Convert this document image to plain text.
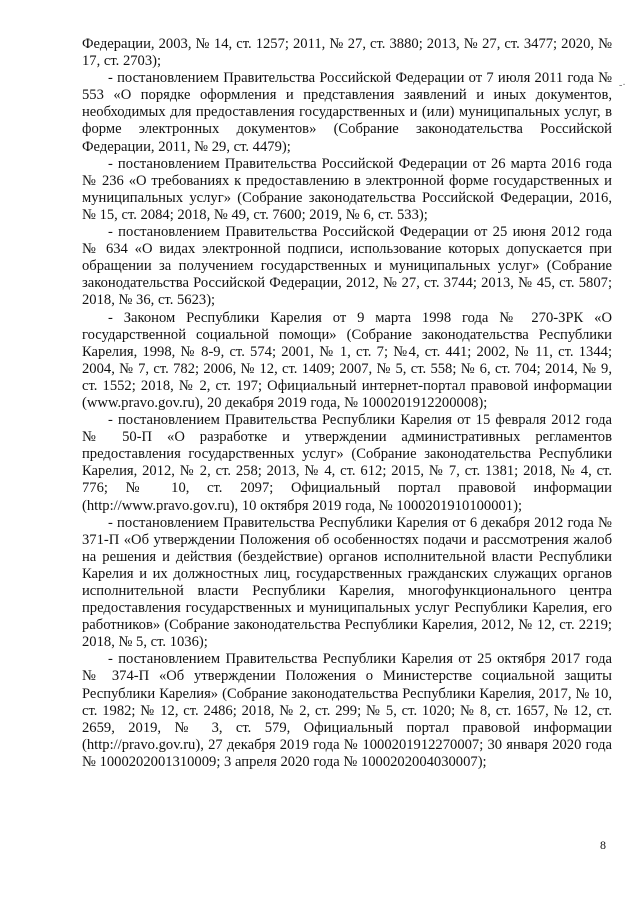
Федерации, 2003, № 14, ст. 1257; 2011, № 27, ст. 3880; 2013, № 27, ст. 3477; 2020, № 17, ст. 2703);

- постановлением Правительства Российской Федерации от 7 июля 2011 года № 553 «О порядке оформления и представления заявлений и иных документов, необходимых для предоставления государственных и (или) муниципальных услуг, в форме электронных документов» (Собрание законодательства Российской Федерации, 2011, № 29, ст. 4479);

- постановлением Правительства Российской Федерации от 26 марта 2016 года № 236 «О требованиях к предоставлению в электронной форме государственных и муниципальных услуг» (Собрание законодательства Российской Федерации, 2016, № 15, ст. 2084; 2018, № 49, ст. 7600; 2019, № 6, ст. 533);

- постановлением Правительства Российской Федерации от 25 июня 2012 года № 634 «О видах электронной подписи, использование которых допускается при обращении за получением государственных и муниципальных услуг» (Собрание законодательства Российской Федерации, 2012, № 27, ст. 3744; 2013, № 45, ст. 5807; 2018, № 36, ст. 5623);

- Законом Республики Карелия от 9 марта 1998 года № 270-ЗРК «О государственной социальной помощи» (Собрание законодательства Республики Карелия, 1998, № 8-9, ст. 574; 2001, № 1, ст. 7; №4, ст. 441; 2002, № 11, ст. 1344; 2004, № 7, ст. 782; 2006, № 12, ст. 1409; 2007, № 5, ст. 558; № 6, ст. 704; 2014, № 9, ст. 1552; 2018, № 2, ст. 197; Официальный интернет-портал правовой информации (www.pravo.gov.ru), 20 декабря 2019 года, № 1000201912200008);

- постановлением Правительства Республики Карелия от 15 февраля 2012 года № 50-П «О разработке и утверждении административных регламентов предоставления государственных услуг» (Собрание законодательства Республики Карелия, 2012, № 2, ст. 258; 2013, № 4, ст. 612; 2015, № 7, ст. 1381; 2018, № 4, ст. 776; № 10, ст. 2097; Официальный портал правовой информации (http://www.pravo.gov.ru), 10 октября 2019 года, № 1000201910100001);

- постановлением Правительства Республики Карелия от 6 декабря 2012 года № 371-П «Об утверждении Положения об особенностях подачи и рассмотрения жалоб на решения и действия (бездействие) органов исполнительной власти Республики Карелия и их должностных лиц, государственных гражданских служащих органов исполнительной власти Республики Карелия, многофункционального центра предоставления государственных и муниципальных услуг Республики Карелия, его работников» (Собрание законодательства Республики Карелия, 2012, № 12, ст. 2219; 2018, № 5, ст. 1036);

- постановлением Правительства Республики Карелия от 25 октября 2017 года № 374-П «Об утверждении Положения о Министерстве социальной защиты Республики Карелия» (Собрание законодательства Республики Карелия, 2017, № 10, ст. 1982; № 12, ст. 2486; 2018, № 2, ст. 299; № 5, ст. 1020; № 8, ст. 1657, № 12, ст. 2659, 2019, № 3, ст. 579, Официальный портал правовой информации (http://pravo.gov.ru), 27 декабря 2019 года № 1000201912270007; 30 января 2020 года № 1000202001310009; 3 апреля 2020 года № 1000202004030007);

-·
8
